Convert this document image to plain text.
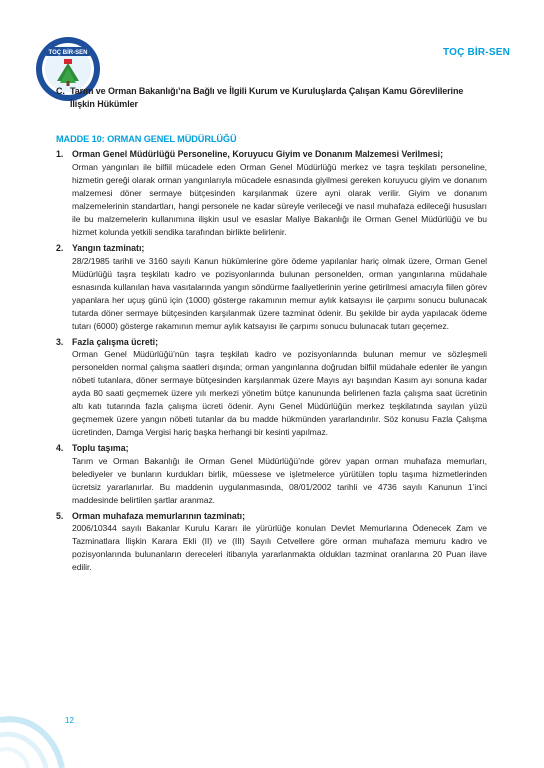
TOÇ BİR-SEN	TOÇ BİR-SEN
C. Tarım ve Orman Bakanlığı’na Bağlı ve İlgili Kurum ve Kuruluşlarda Çalışan Kamu Görevlilerine İlişkin Hükümler
MADDE 10: ORMAN GENEL MÜDÜRLÜĞÜ
1. Orman Genel Müdürlüğü Personeline, Koruyucu Giyim ve Donanım Malzemesi Verilmesi;
Orman yangınları ile bilfiil mücadele eden Orman Genel Müdürlüğü merkez ve taşra teşkilatı personeline, hizmetin gereği olarak orman yangınlarıyla mücadele esnasında giyilmesi gereken koruyucu giyim ve donanım malzemesi döner sermaye bütçesinden karşılanmak üzere ayni olarak verilir. Giyim ve donanım malzemelerinin standartları, hangi personele ne kadar süreyle verileceği ve nasıl muhafaza edileceği hususları ile bu malzemelerin kullanımına ilişkin usul ve esaslar Maliye Bakanlığı ile Orman Genel Müdürlüğü ve bu hizmet kolunda yetkili sendika tarafından birlikte belirlenir.
2. Yangın tazminatı;
28/2/1985 tarihli ve 3160 sayılı Kanun hükümlerine göre ödeme yapılanlar hariç olmak üzere, Orman Genel Müdürlüğü taşra teşkilatı kadro ve pozisyonlarında bulunan personelden, orman yangınlarına müdahale esnasında kullanılan hava vasıtalarında yangın söndürme faaliyetlerinin yerine getirilmesi amacıyla fiilen görev yapanlara her uçuş günü için (1000) gösterge rakamının memur aylık katsayısı ile çarpımı sonucu bulunacak tutarda döner sermaye bütçesinden karşılanmak üzere tazminat ödenir. Bu şekilde bir ayda yapılacak ödeme tutarı (6000) gösterge rakamının memur aylık katsayısı ile çarpımı sonucu bulunacak tutarı geçemez.
3. Fazla çalışma ücreti;
Orman Genel Müdürlüğü’nün taşra teşkilatı kadro ve pozisyonlarında bulunan memur ve sözleşmeli personelden normal çalışma saatleri dışında; orman yangınlarına doğrudan bilfiil müdahale edenler ile yangın nöbeti tutanlara, döner sermaye bütçesinden karşılanmak üzere Mayıs ayı başından Kasım ayı sonuna kadar ayda 80 saati geçmemek üzere yılı merkezi yönetim bütçe kanununda belirlenen fazla çalışma saat ücretinin altı katı tutarında fazla çalışma ücreti ödenir. Aynı Genel Müdürlüğün merkez teşkilatında sayılan yüzü geçmemek üzere yangın nöbeti tutanlar da bu madde hükmünden yararlandırılır. Söz konusu Fazla Çalışma ücretinden, Damga Vergisi hariç başka herhangi bir kesinti yapılmaz.
4. Toplu taşıma;
Tarım ve Orman Bakanlığı ile Orman Genel Müdürlüğü’nde görev yapan orman muhafaza memurları, belediyeler ve bunların kurdukları birlik, müessese ve işletmelerce yürütülen toplu taşıma hizmetlerinden ücretsiz yararlanırlar. Bu maddenin uygulanmasında, 08/01/2002 tarihli ve 4736 sayılı Kanunun 1’inci maddesinde belirtilen şartlar aranmaz.
5. Orman muhafaza memurlarının tazminatı;
2006/10344 sayılı Bakanlar Kurulu Kararı ile yürürlüğe konulan Devlet Memurlarına Ödenecek Zam ve Tazminatlara İlişkin Karara Ekli (II) ve (III) Sayılı Cetvellere göre orman muhafaza memuru kadro ve pozisyonlarında bulunanların dereceleri itibarıyla yararlanmakta oldukları tazminat oranlarına 20 Puan ilave edilir.
12
